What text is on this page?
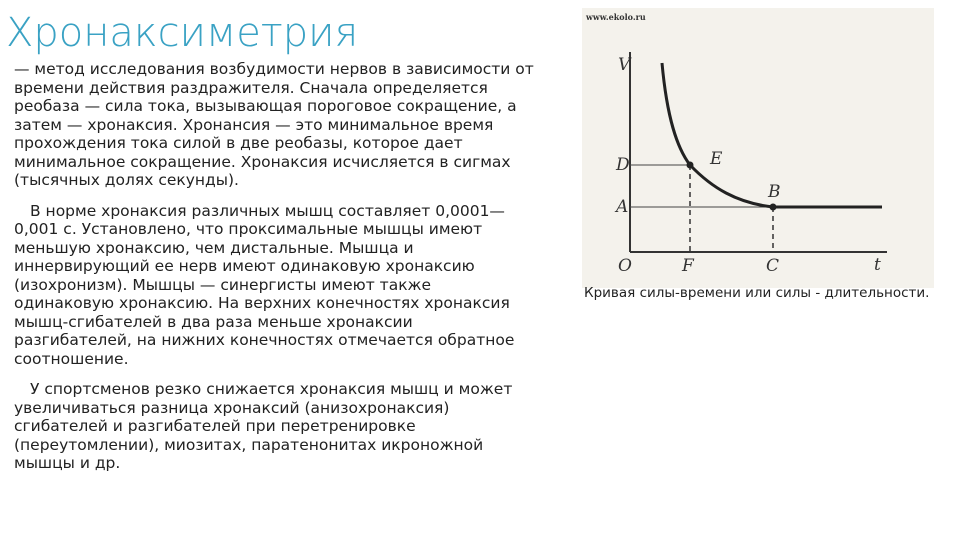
Хронаксиметрия

— метод исследования возбудимости нервов в зависимости от времени действия раздражителя. Сначала определяется реобаза — сила тока, вызывающая пороговое сокращение, а затем — хронаксия. Хронансия — это минимальное время прохождения тока силой в две реобазы, которое дает минимальное сокращение. Хронаксия исчисляется в сигмах (тысячных долях секунды).

В норме хронаксия различных мышц составляет 0,0001—0,001 с. Установлено, что проксимальные мышцы имеют меньшую хронаксию, чем дистальные. Мышца и иннервирующий ее нерв имеют одинаковую хронаксию (изохронизм). Мышцы — синергисты имеют также одинаковую хронаксию. На верхних конечностях хронаксия мышц-сгибателей в два раза меньше хронаксии разгибателей, на нижних конечностях отмечается обратное соотношение.

У спортсменов резко снижается хронаксия мышц и может увеличиваться разница хронаксий (анизохронаксия) сгибателей и разгибателей при перетренировке (переутомлении), миозитах, паратенонитах икроножной мышцы и др.

www.ekolo.ru
V
D
A
O	F	C	t
E
B
Кривая силы-времени или силы - длительности.
